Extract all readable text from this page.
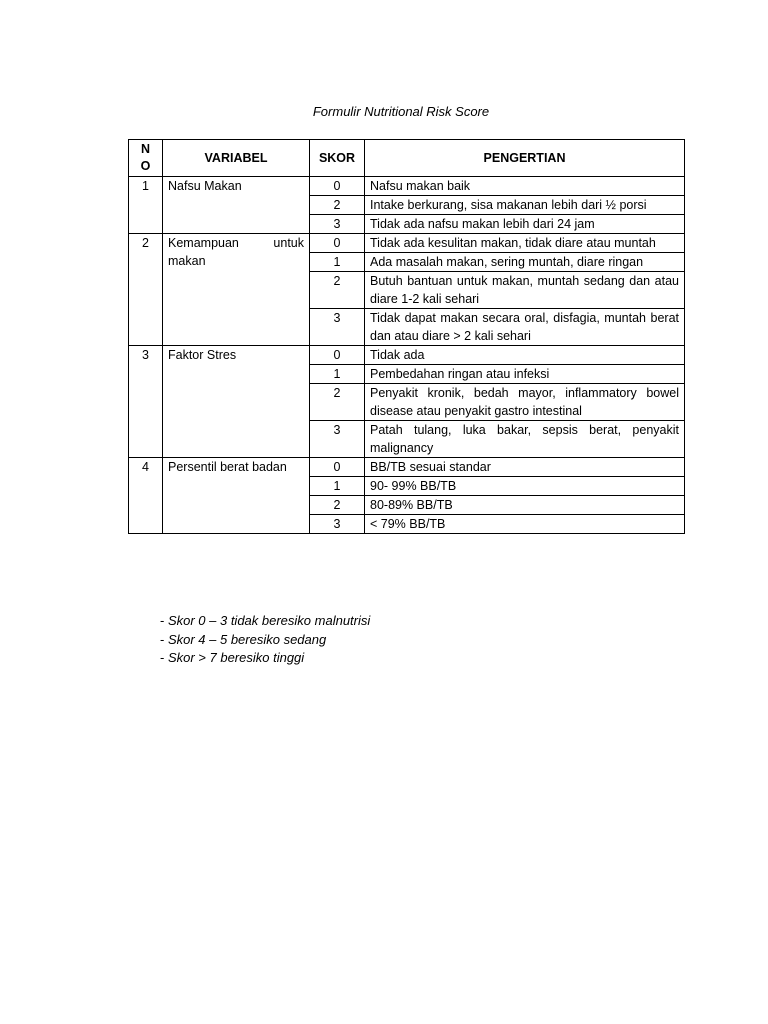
Formulir Nutritional Risk Score
N
O	VARIABEL	SKOR	PENGERTIAN
1	Nafsu Makan	0	Nafsu makan baik
		2	Intake berkurang, sisa makanan lebih dari ½ porsi
		3	Tidak ada nafsu makan lebih dari 24 jam
2	Kemampuan untuk makan	0	Tidak ada kesulitan makan, tidak diare atau muntah
		1	Ada masalah makan, sering muntah, diare ringan
		2	Butuh bantuan untuk makan, muntah sedang dan atau diare 1-2 kali sehari
		3	Tidak dapat makan secara oral, disfagia, muntah berat dan atau diare > 2 kali sehari
3	Faktor Stres	0	Tidak ada
		1	Pembedahan ringan atau infeksi
		2	Penyakit kronik, bedah mayor, inflammatory bowel disease atau penyakit gastro intestinal
		3	Patah tulang, luka bakar, sepsis berat, penyakit malignancy
4	Persentil berat badan	0	BB/TB sesuai standar
		1	90- 99% BB/TB
		2	80-89% BB/TB
		3	< 79% BB/TB
- Skor 0 – 3 tidak beresiko malnutrisi
- Skor 4 – 5 beresiko sedang
- Skor > 7 beresiko tinggi
